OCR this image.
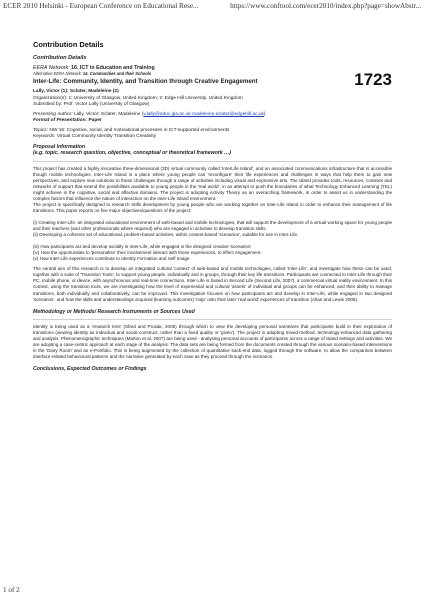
ECER 2010 Helsinki - European Conference on Educational Rese...	https://www.conftool.com/ecer2010/index.php?page=showAbstr...
Contribution Details
Contribution Details
EERA Network: 16. ICT in Education and Training
Alternative EERA Network: 14. Communities and their Schools
Inter-Life: Community, Identity, and Transition through Creative Engagement
Lally, Victor (1); Sclater, Madeleine (2)
Organization(s): 1: University of Glasgow, United Kingdom; 2: Edge Hill University, United Kingdom
Submitted by: Prof. Victor Lally (University of Glasgow)
Presenting Author: Lally, Victor; Sclater, Madeleine (v.lally@educ.gla.ac.uk madeleine.sclater@edgehill.ac.uk)
Format of Presentation: Paper
Topics: NW 16: Cognitive, social, and motivational processes in ICT-supported environments
Keywords: Virtual Community Identity Transition Creativity
Proposal Information
(e.g. topic, research question, objective, conceptual or theoretical framework …)

This project has created a highly innovative three-dimensional (3D) virtual community called 'InterLife Island', and an associated communications infrastructure that is accessible though mobile technologies. Inter-Life Island is a place where young people can 'reconfigure' their life experiences and challenges in ways that help them to gain new perspectives, and explore new solutions to these challenges through a range of activities including visual and expressive arts. The island provides tools, resources, contexts and networks of support that extend the possibilities available to young people in the 'real world', in an attempt to push the boundaries of what Technology Enhanced Learning (TEL) might achieve in the cognitive, social and affective domains. The project is adopting Activity Theory as an overarching framework, in order to assist us in understanding the complex factors that influence the nature of interaction on the Inter-Life Island environment.

The project is specifically designed to research skills development by young people who are working together on Inter-Life Island in order to enhance their management of life transitions. This paper reports on five major objectives/questions of the project:

(i) Creating Inter-Life: an integrated educational environment of web-based and mobile technologies, that will support the development of a virtual working space for young people and their teachers (and other professionals where required) who are engaged in activities to develop transition skills.

(ii) Developing a coherent set of educational, problem-based activities, within context-based 'scenarios', suitable for use in Inter-Life.

(iii) How participants act and develop socially in Inter-Life, while engaged in the designed creative 'scenarios'.

(iv) How the opportunities to 'personalise' their involvement interact with these experiences, to effect engagement.

(v) How Inter-Life experiences contribute to Identity Formation and Self Image

The central aim of this research is to develop an integrated cultural 'context' of web-based and mobile technologies, called 'Inter-Life', and investigate how these can be used, together with a suite of 'Transition Tools', to support young people, individually and in groups, through their key life transitions. Participants are connected to Inter-Life through their PC, mobile phone, or device, with asynchronous and real-time connections. Inter-Life is based in Second Life (Second Life, 2007), a commercial virtual reality environment. In this context, using the transition tools, we are investigating how the level of experiential and cultural 'assets' of individual and groups can be enhanced, and their ability to manage transitions, both individually and collaboratively, can be improved. This investigation focuses on how participants act and develop in Inter-Life, while engaged in two designed 'scenarios', and how the skills and understandings acquired (learning outcomes) 'map' onto their later 'real world' experiences of transition (Allan and Lewis 2006).

Methodology or Methods/ Research Instruments or Sources Used

Identity is being used as a 'research lens' (Sfard and Prusak, 2005) through which to view the developing personal narratives that participants build in their exploration of transitions (viewing identity as individual and social construct, rather than a fixed quality or 'given'). The project is adopting mixed-method, technology-enhanced data gathering and analysis. Phenomenographic techniques (Marton et al, 2007) are being used - analysing personal accounts of participants across a range of island settings and activities. We are adopting a case-centric approach at each stage of the analysis. The data sets are being formed from the documents created through the various scenario-based interventions in the 'Diary Room' and an e-Portfolio. This is being augmented by the collection of quantitative back-end data, logged through the software, to allow the comparison between interface-related behavioural patterns and the narrative generated by each case as they proceed through the scenarios.

Conclusions, Expected Outcomes or Findings
1723
1 of 2
